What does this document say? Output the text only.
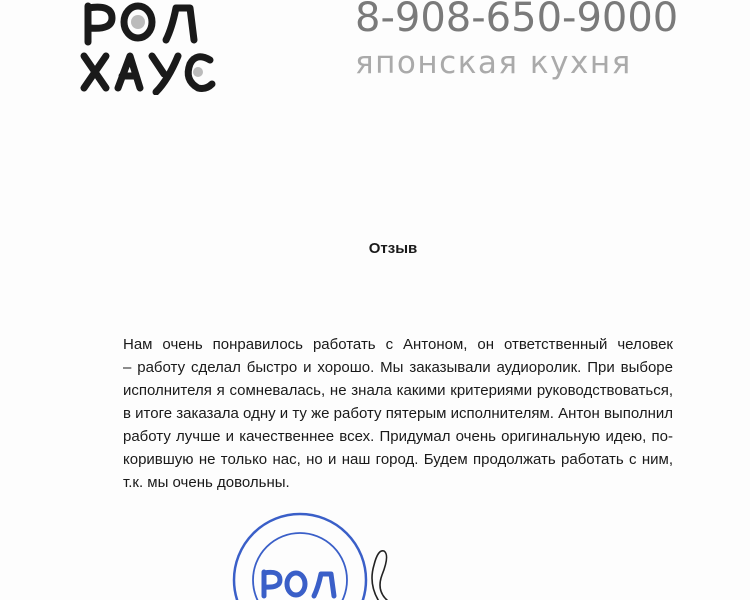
8-908-650-9000
японская кухня
Отзыв
Нам очень понравилось работать с Антоном, он ответственный человек
– работу сделал быстро и хорошо. Мы заказывали аудиоролик. При выборе
исполнителя я сомневалась, не знала какими критериями руководствоваться,
в итоге заказала одну и ту же работу пятерым исполнителям. Антон выполнил
работу лучше и качественнее всех. Придумал очень оригинальную идею, по-
корившую не только нас, но и наш город. Будем продолжать работать с ним,
т.к. мы очень довольны.
